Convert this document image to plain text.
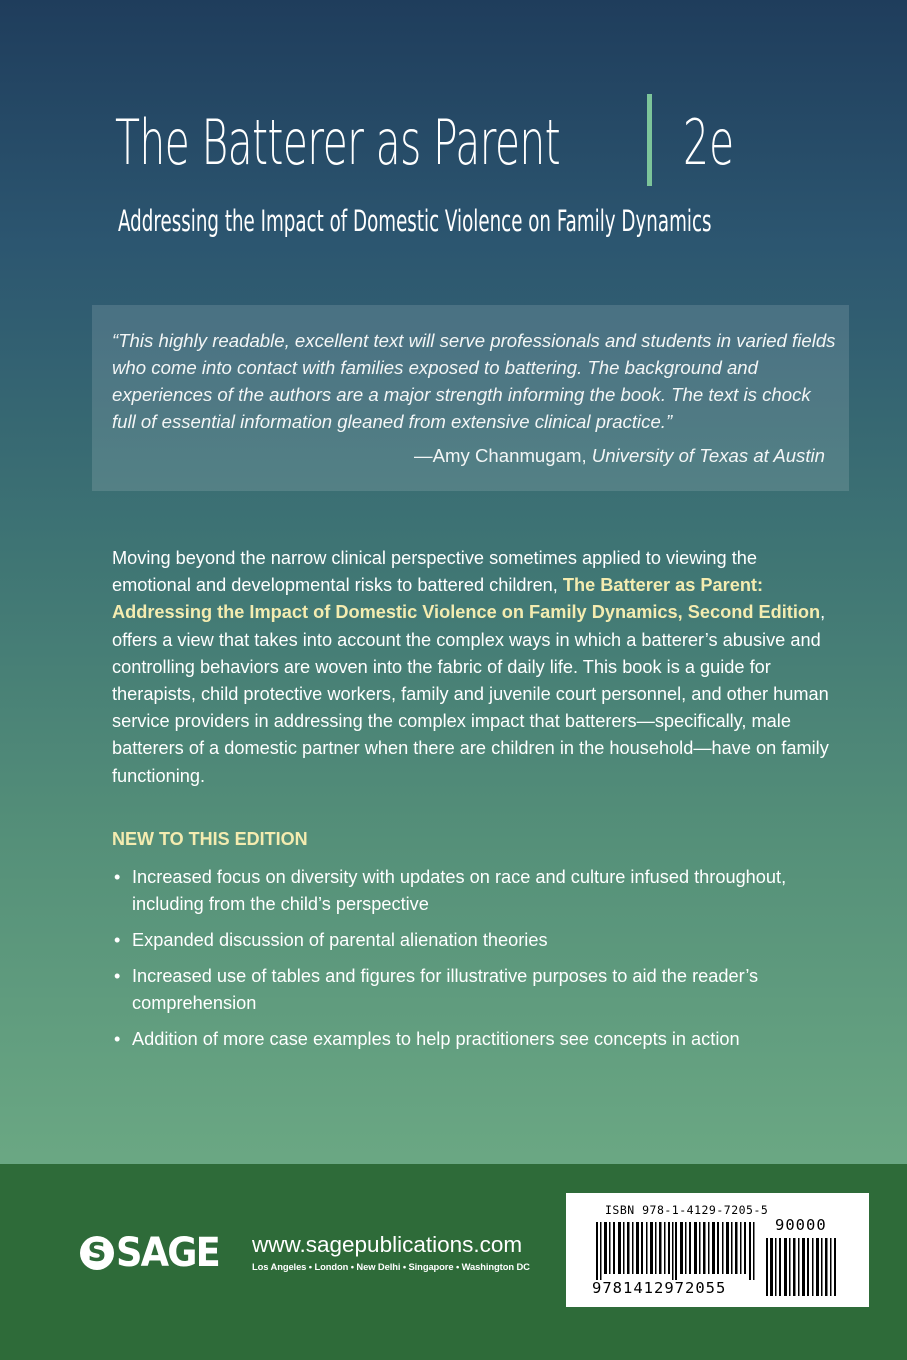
The Batterer as Parent 2e
Addressing the Impact of Domestic Violence on Family Dynamics
“This highly readable, excellent text will serve professionals and students in varied fields who come into contact with families exposed to battering. The background and experiences of the authors are a major strength informing the book. The text is chock full of essential information gleaned from extensive clinical practice.”
—Amy Chanmugam, University of Texas at Austin
Moving beyond the narrow clinical perspective sometimes applied to viewing the emotional and developmental risks to battered children, The Batterer as Parent: Addressing the Impact of Domestic Violence on Family Dynamics, Second Edition, offers a view that takes into account the complex ways in which a batterer’s abusive and controlling behaviors are woven into the fabric of daily life. This book is a guide for therapists, child protective workers, family and juvenile court personnel, and other human service providers in addressing the complex impact that batterers—specifically, male batterers of a domestic partner when there are children in the household—have on family functioning.
NEW TO THIS EDITION
• Increased focus on diversity with updates on race and culture infused throughout, including from the child’s perspective
• Expanded discussion of parental alienation theories
• Increased use of tables and figures for illustrative purposes to aid the reader’s comprehension
• Addition of more case examples to help practitioners see concepts in action
S SAGE www.sagepublications.com
Los Angeles • London • New Delhi • Singapore • Washington DC
ISBN 978-1-4129-7205-5
9781412972055
90000
